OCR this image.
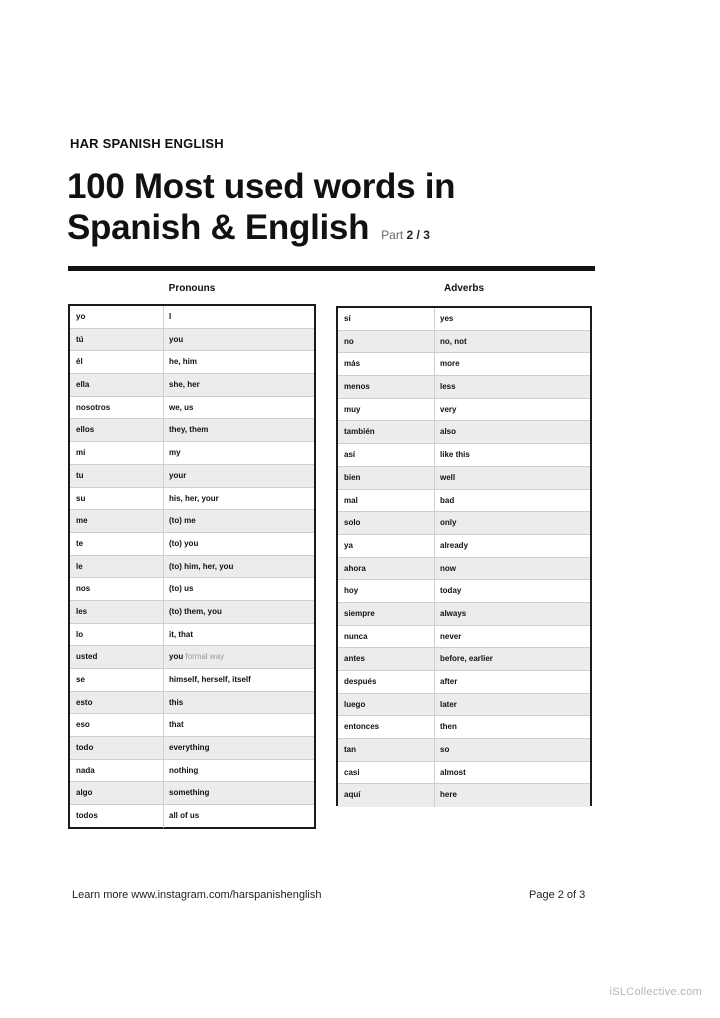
HAR SPANISH ENGLISH
100 Most used words in
Spanish & English Part 2 / 3
Pronouns	Adverbs
yo	I
tú	you
él	he, him
ella	she, her
nosotros	we, us
ellos	they, them
mi	my
tu	your
su	his, her, your
me	(to) me
te	(to) you
le	(to) him, her, you
nos	(to) us
les	(to) them, you
lo	it, that
usted	you formal way
se	himself, herself, itself
esto	this
eso	that
todo	everything
nada	nothing
algo	something
todos	all of us
sí	yes
no	no, not
más	more
menos	less
muy	very
también	also
así	like this
bien	well
mal	bad
solo	only
ya	already
ahora	now
hoy	today
siempre	always
nunca	never
antes	before, earlier
después	after
luego	later
entonces	then
tan	so
casi	almost
aquí	here
Learn more www.instagram.com/harspanishenglish	Page 2 of 3
iSLCollective.com
